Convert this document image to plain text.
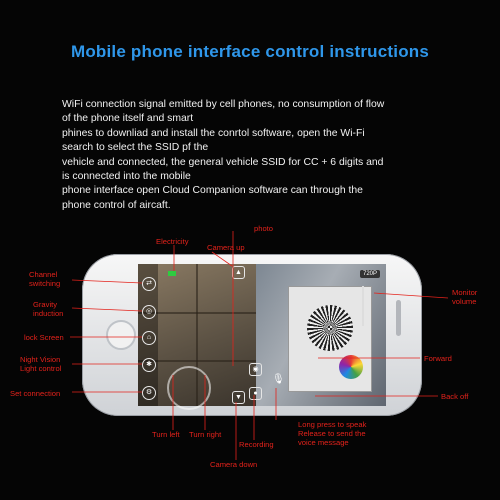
Mobile phone interface control instructions
WiFi connection signal emitted by cell phones, no consumption of flow
of the phone itself and smart
phines to downliad and install the conrtol software, open the Wi-Fi
search to select the SSID pf the
vehicle and connected, the general vehicle SSID for CC + 6 digits and
is connected into the mobile
phone interface open Cloud Companion software can through the
phone control of aircaft.
720P
⇄
◎
⌂
✱
⚙
▲
◉
▼
●
🎙
Electricity
photo
Camera up
Channel
switching
Gravity
induction
lock Screen
Night Vision
Light control
Set connection
Monitor
volume
Forward
Back off
Turn left Turn right
Recording
Camera down
Long press to speak
Release to send the
voice message
